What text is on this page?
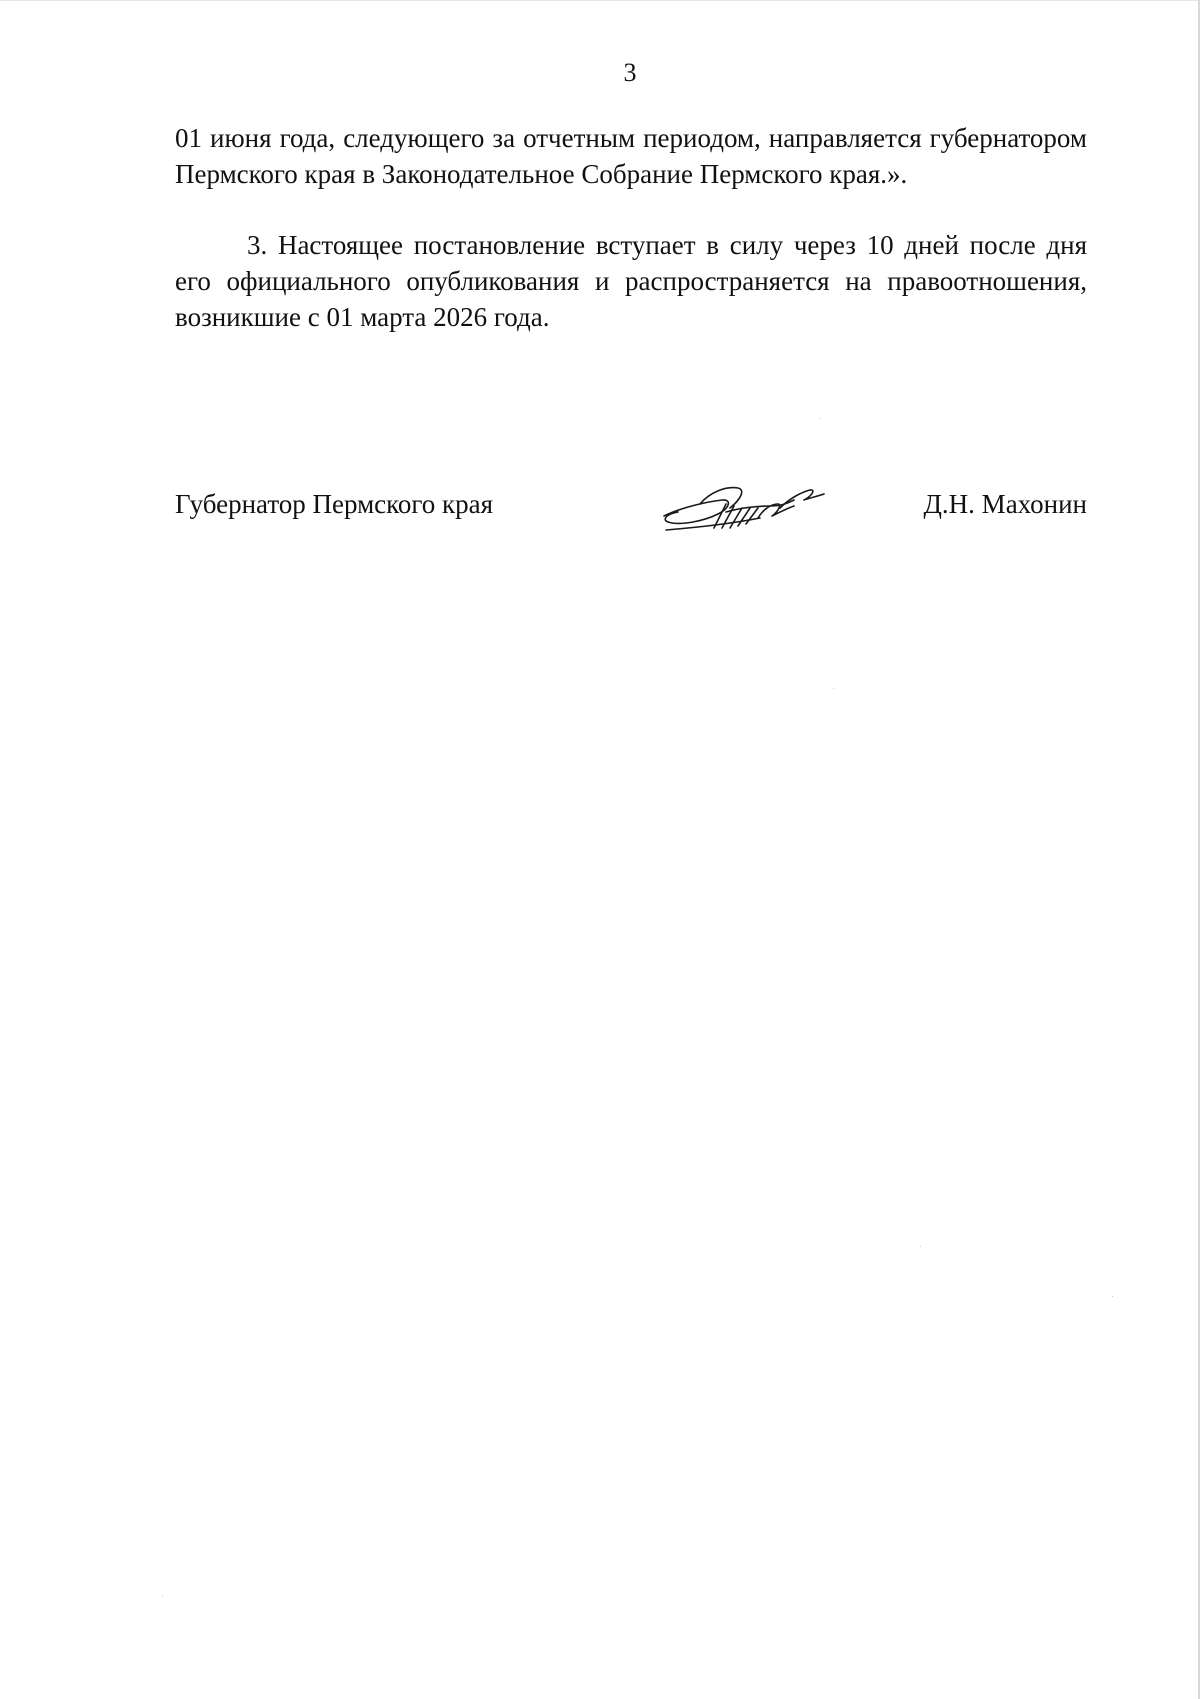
3

01 июня года, следующего за отчетным периодом, направляется губернатором Пермского края в Законодательное Собрание Пермского края.».

3. Настоящее постановление вступает в силу через 10 дней после дня его официального опубликования и распространяется на правоотношения, возникшие с 01 марта 2026 года.

Губернатор Пермского края	Д.Н. Махонин
